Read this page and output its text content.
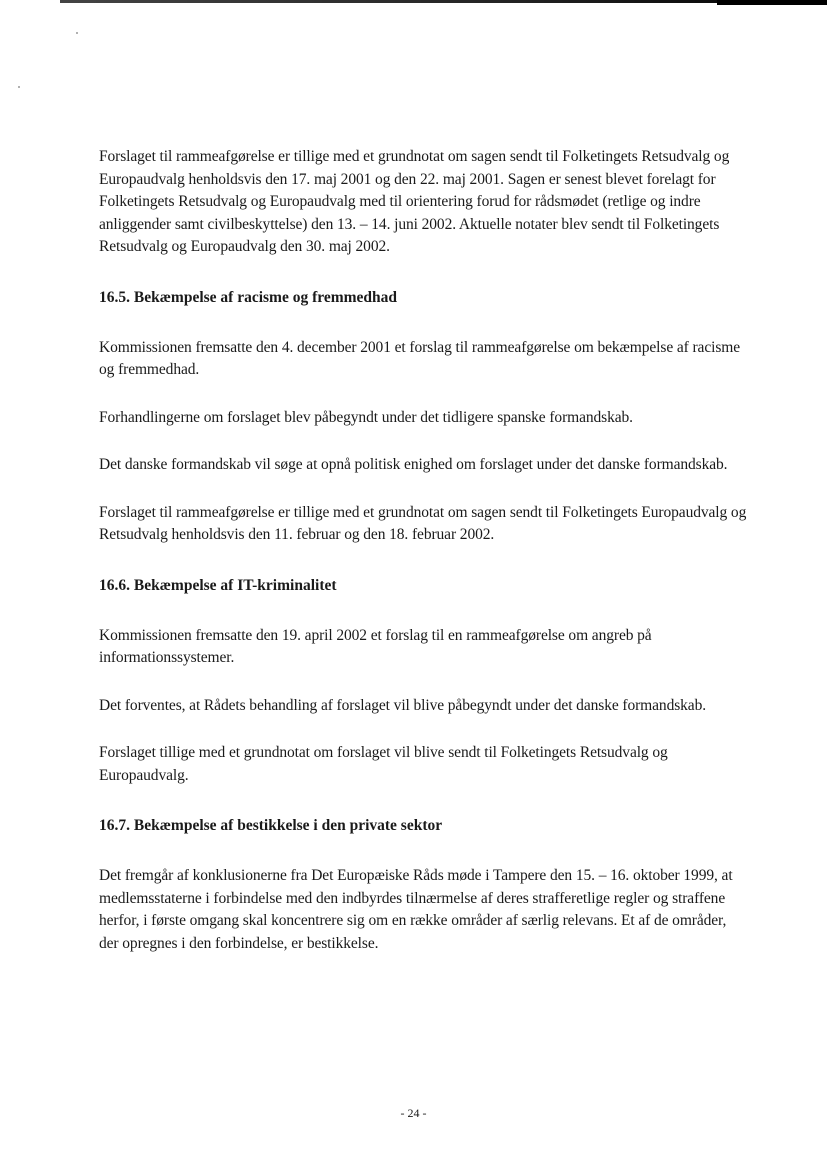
Forslaget til rammeafgørelse er tillige med et grundnotat om sagen sendt til Folketingets Retsudvalg og Europaudvalg henholdsvis den 17. maj 2001 og den 22. maj 2001. Sagen er senest blevet forelagt for Folketingets Retsudvalg og Europaudvalg med til orientering forud for rådsmødet (retlige og indre anliggender samt civilbeskyttelse) den 13. – 14. juni 2002. Aktuelle notater blev sendt til Folketingets Retsudvalg og Europaudvalg den 30. maj 2002.

16.5. Bekæmpelse af racisme og fremmedhad

Kommissionen fremsatte den 4. december 2001 et forslag til rammeafgørelse om bekæmpelse af racisme og fremmedhad.

Forhandlingerne om forslaget blev påbegyndt under det tidligere spanske formandskab.

Det danske formandskab vil søge at opnå politisk enighed om forslaget under det danske formandskab.

Forslaget til rammeafgørelse er tillige med et grundnotat om sagen sendt til Folketingets Europaudvalg og Retsudvalg henholdsvis den 11. februar og den 18. februar 2002.

16.6. Bekæmpelse af IT-kriminalitet

Kommissionen fremsatte den 19. april 2002 et forslag til en rammeafgørelse om angreb på informationssystemer.

Det forventes, at Rådets behandling af forslaget vil blive påbegyndt under det danske formandskab.

Forslaget tillige med et grundnotat om forslaget vil blive sendt til Folketingets Retsudvalg og Europaudvalg.

16.7. Bekæmpelse af bestikkelse i den private sektor

Det fremgår af konklusionerne fra Det Europæiske Råds møde i Tampere den 15. – 16. oktober 1999, at medlemsstaterne i forbindelse med den indbyrdes tilnærmelse af deres strafferetlige regler og straffene herfor, i første omgang skal koncentrere sig om en række områder af særlig relevans. Et af de områder, der opregnes i den forbindelse, er bestikkelse.

- 24 -
